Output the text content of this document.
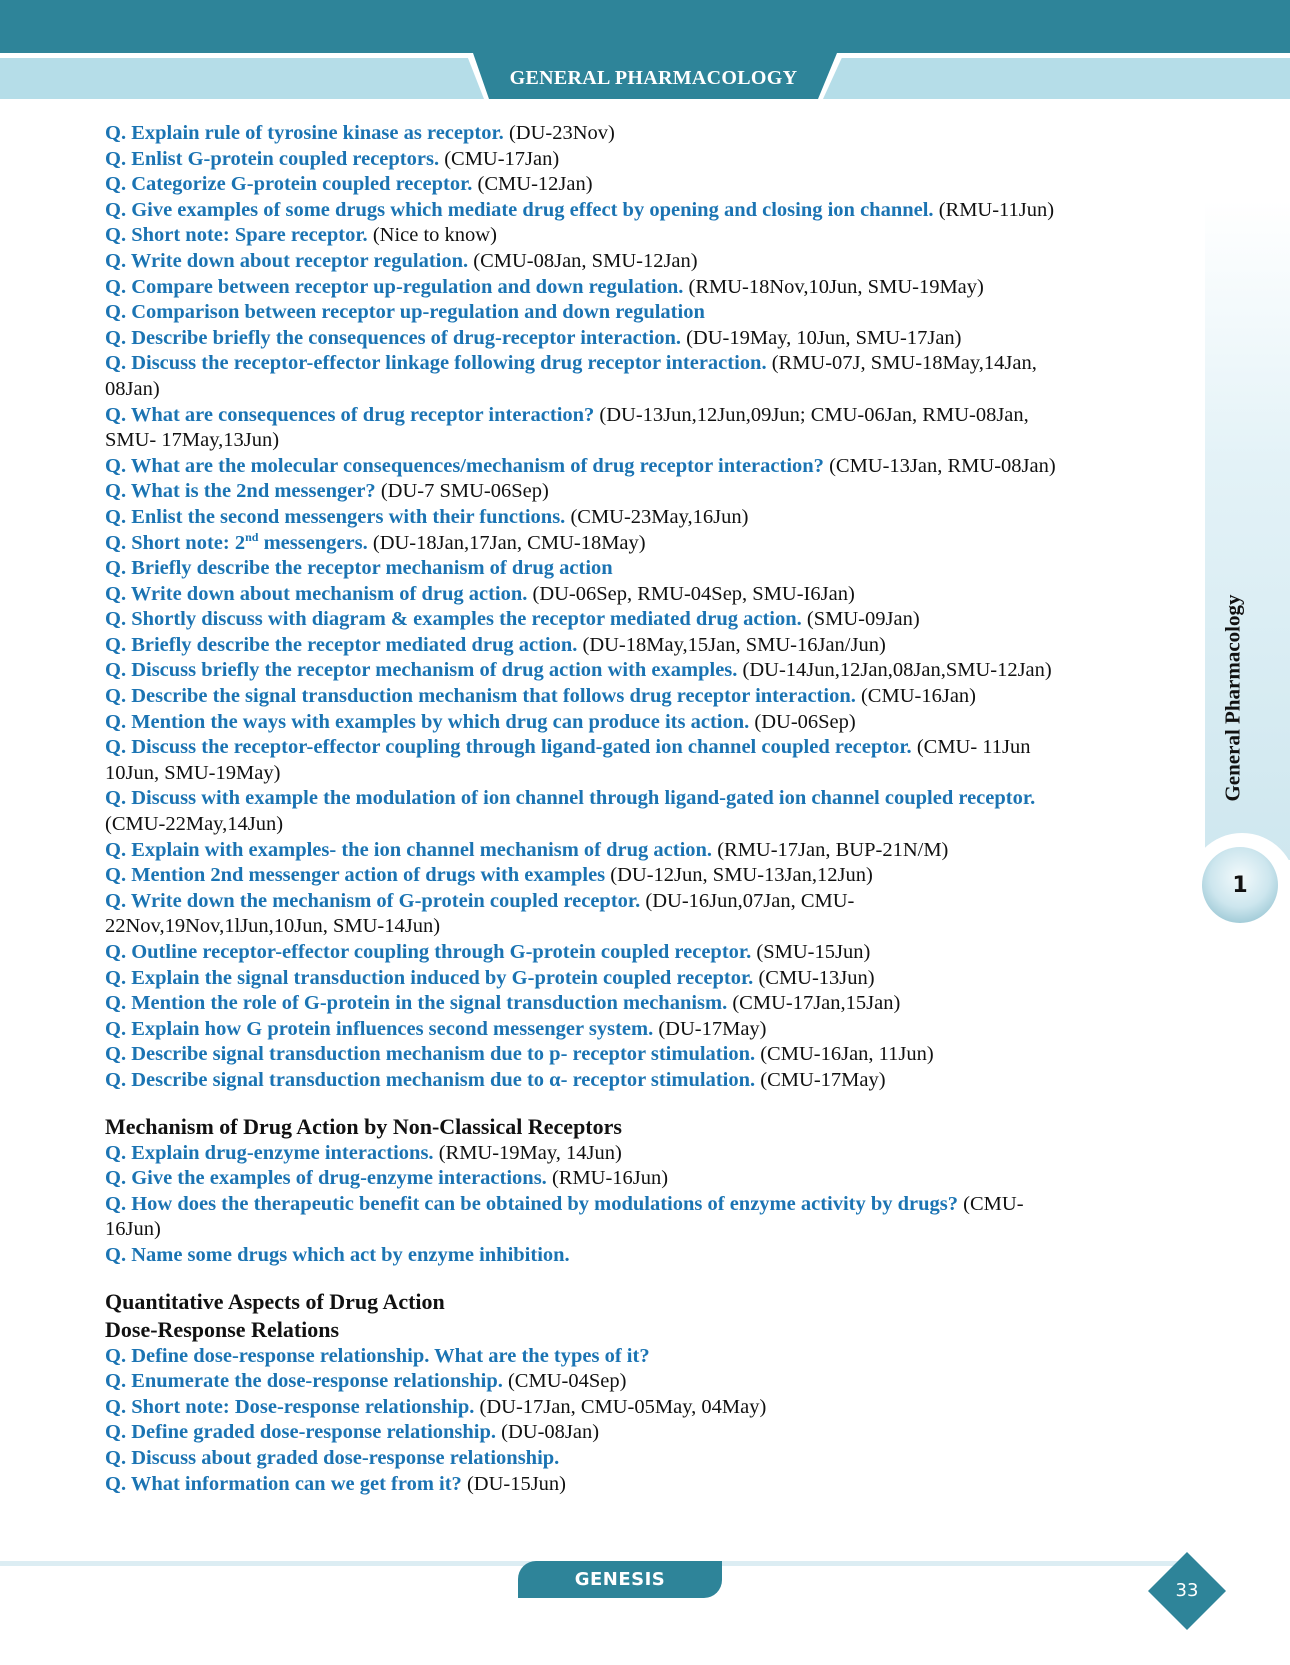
GENERAL PHARMACOLOGY
General Pharmacology
1
Q. Explain rule of tyrosine kinase as receptor. (DU-23Nov)
Q. Enlist G-protein coupled receptors. (CMU-17Jan)
Q. Categorize G-protein coupled receptor. (CMU-12Jan)
Q. Give examples of some drugs which mediate drug effect by opening and closing ion channel. (RMU-11Jun)
Q. Short note: Spare receptor. (Nice to know)
Q. Write down about receptor regulation. (CMU-08Jan, SMU-12Jan)
Q. Compare between receptor up-regulation and down regulation. (RMU-18Nov,10Jun, SMU-19May)
Q. Comparison between receptor up-regulation and down regulation
Q. Describe briefly the consequences of drug-receptor interaction. (DU-19May, 10Jun, SMU-17Jan)
Q. Discuss the receptor-effector linkage following drug receptor interaction. (RMU-07J, SMU-18May,14Jan,
08Jan)
Q. What are consequences of drug receptor interaction? (DU-13Jun,12Jun,09Jun; CMU-06Jan, RMU-08Jan,
SMU- 17May,13Jun)
Q. What are the molecular consequences/mechanism of drug receptor interaction? (CMU-13Jan, RMU-08Jan)
Q. What is the 2nd messenger? (DU-7 SMU-06Sep)
Q. Enlist the second messengers with their functions. (CMU-23May,16Jun)
Q. Short note: 2nd messengers. (DU-18Jan,17Jan, CMU-18May)
Q. Briefly describe the receptor mechanism of drug action
Q. Write down about mechanism of drug action. (DU-06Sep, RMU-04Sep, SMU-I6Jan)
Q. Shortly discuss with diagram & examples the receptor mediated drug action. (SMU-09Jan)
Q. Briefly describe the receptor mediated drug action. (DU-18May,15Jan, SMU-16Jan/Jun)
Q. Discuss briefly the receptor mechanism of drug action with examples. (DU-14Jun,12Jan,08Jan,SMU-12Jan)
Q. Describe the signal transduction mechanism that follows drug receptor interaction. (CMU-16Jan)
Q. Mention the ways with examples by which drug can produce its action. (DU-06Sep)
Q. Discuss the receptor-effector coupling through ligand-gated ion channel coupled receptor. (CMU- 11Jun
10Jun, SMU-19May)
Q. Discuss with example the modulation of ion channel through ligand-gated ion channel coupled receptor.
(CMU-22May,14Jun)
Q. Explain with examples- the ion channel mechanism of drug action. (RMU-17Jan, BUP-21N/M)
Q. Mention 2nd messenger action of drugs with examples (DU-12Jun, SMU-13Jan,12Jun)
Q. Write down the mechanism of G-protein coupled receptor. (DU-16Jun,07Jan, CMU-
22Nov,19Nov,1lJun,10Jun, SMU-14Jun)
Q. Outline receptor-effector coupling through G-protein coupled receptor. (SMU-15Jun)
Q. Explain the signal transduction induced by G-protein coupled receptor. (CMU-13Jun)
Q. Mention the role of G-protein in the signal transduction mechanism. (CMU-17Jan,15Jan)
Q. Explain how G protein influences second messenger system. (DU-17May)
Q. Describe signal transduction mechanism due to p- receptor stimulation. (CMU-16Jan, 11Jun)
Q. Describe signal transduction mechanism due to α- receptor stimulation. (CMU-17May)
Mechanism of Drug Action by Non-Classical Receptors
Q. Explain drug-enzyme interactions. (RMU-19May, 14Jun)
Q. Give the examples of drug-enzyme interactions. (RMU-16Jun)
Q. How does the therapeutic benefit can be obtained by modulations of enzyme activity by drugs? (CMU-
16Jun)
Q. Name some drugs which act by enzyme inhibition.
Quantitative Aspects of Drug Action
Dose-Response Relations
Q. Define dose-response relationship. What are the types of it?
Q. Enumerate the dose-response relationship. (CMU-04Sep)
Q. Short note: Dose-response relationship. (DU-17Jan, CMU-05May, 04May)
Q. Define graded dose-response relationship. (DU-08Jan)
Q. Discuss about graded dose-response relationship.
Q. What information can we get from it? (DU-15Jun)
GENESIS
33
